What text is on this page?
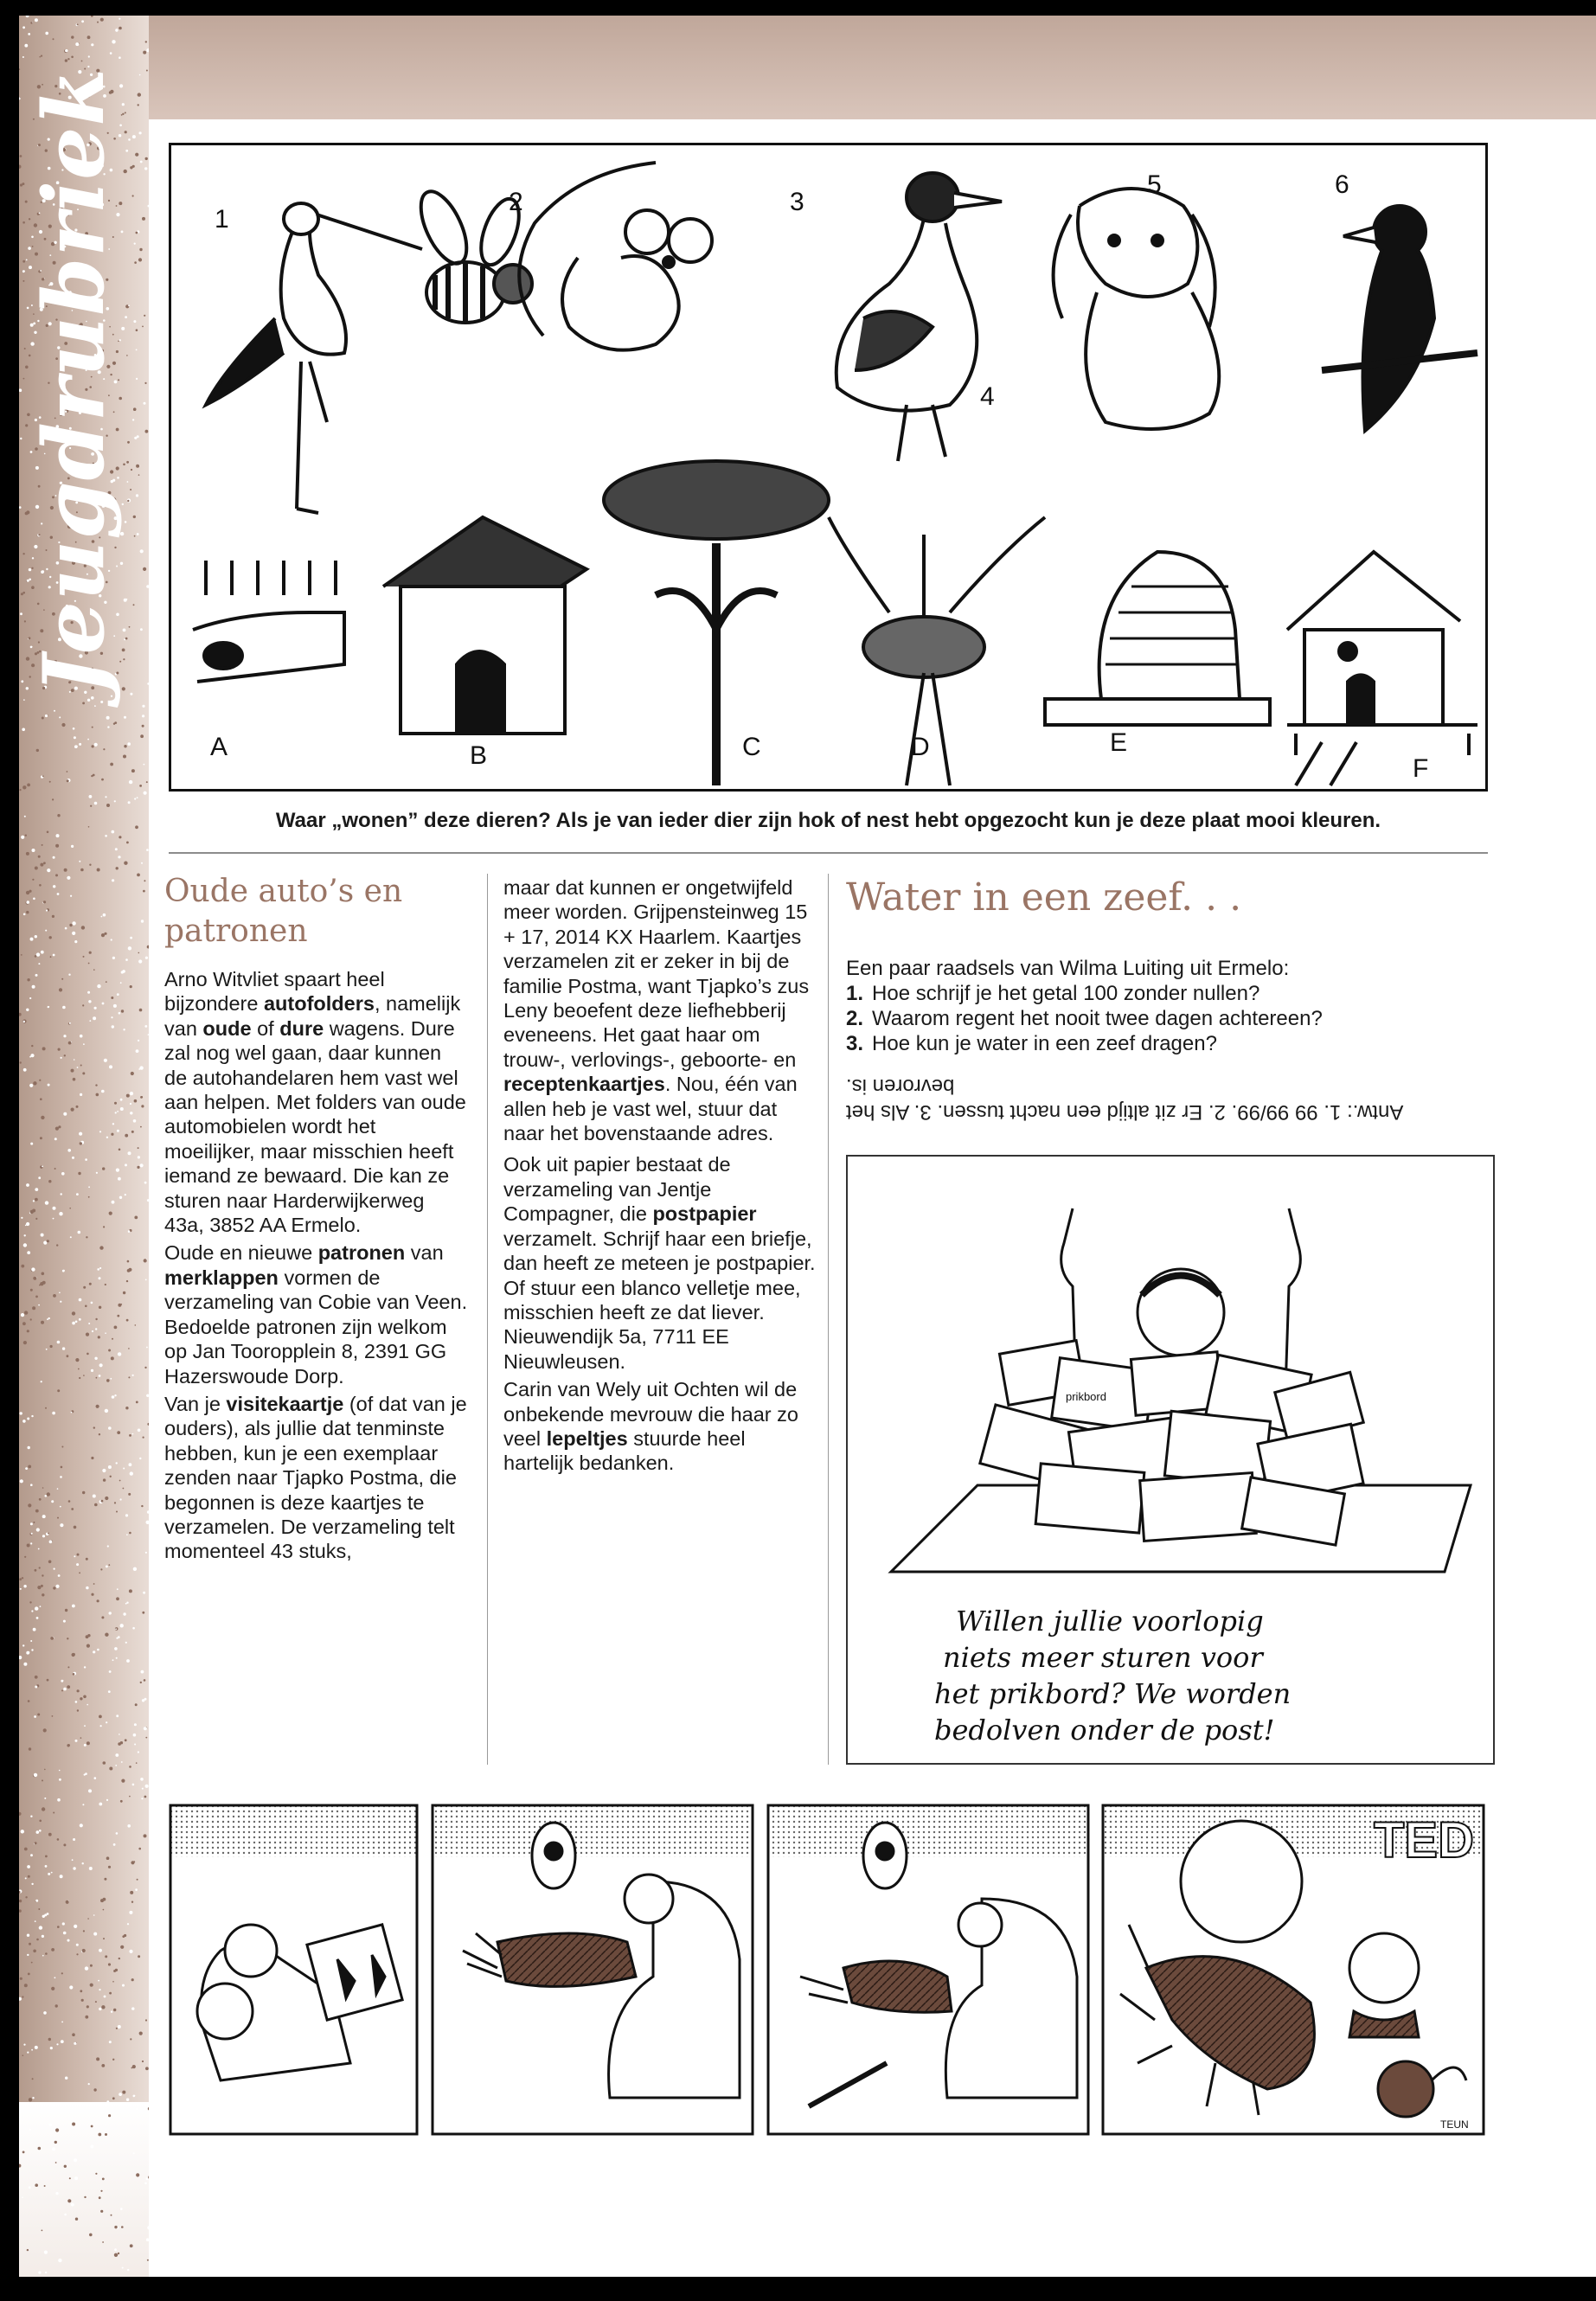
Jeugdrubriek	1
2	3
4
5	6
A	B	C	D	E
F
Waar „wonen” deze dieren? Als je van ieder dier zijn hok of nest hebt opgezocht kun je deze plaat mooi kleuren.
Oude auto’s en patronen

Arno Witvliet spaart heel bijzondere autofolders, namelijk van oude of dure wagens. Dure zal nog wel gaan, daar kunnen de autohandelaren hem vast wel aan helpen. Met folders van oude automobielen wordt het moeilijker, maar misschien heeft iemand ze bewaard. Die kan ze sturen naar Harderwijkerweg 43a, 3852 AA Ermelo.

Oude en nieuwe patronen van merklappen vormen de verzameling van Cobie van Veen. Bedoelde patronen zijn welkom op Jan Tooropplein 8, 2391 GG Hazerswoude Dorp.

Van je visitekaartje (of dat van je ouders), als jullie dat tenminste hebben, kun je een exemplaar zenden naar Tjapko Postma, die begonnen is deze kaartjes te verzamelen. De verzameling telt momenteel 43 stuks,

maar dat kunnen er ongetwijfeld meer worden. Grijpensteinweg 15 + 17, 2014 KX Haarlem. Kaartjes verzamelen zit er zeker in bij de familie Postma, want Tjapko’s zus Leny beoefent deze liefhebberij eveneens. Het gaat haar om trouw-, verlovings-, geboorte- en receptenkaartjes. Nou, één van allen heb je vast wel, stuur dat naar het bovenstaande adres.

Ook uit papier bestaat de verzameling van Jentje Compagner, die postpapier verzamelt. Schrijf haar een briefje, dan heeft ze meteen je postpapier. Of stuur een blanco velletje mee, misschien heeft ze dat liever. Nieuwendijk 5a, 7711 EE Nieuwleusen.

Carin van Wely uit Ochten wil de onbekende mevrouw die haar zo veel lepeltjes stuurde heel hartelijk bedanken.

Water in een zeef. . .
Een paar raadsels van Wilma Luiting uit Ermelo:
1. Hoe schrijf je het getal 100 zonder nullen?
2. Waarom regent het nooit twee dagen achtereen?
3. Hoe kun je water in een zeef dragen?
Antw.: 1. 99 99/99. 2. Er zit altijd een nacht tussen. 3. Als het bevroren is.
prikbord
Willen jullie voorlopig
niets meer sturen voor
het prikbord? We worden
bedolven onder de post!
TED
TEUN
